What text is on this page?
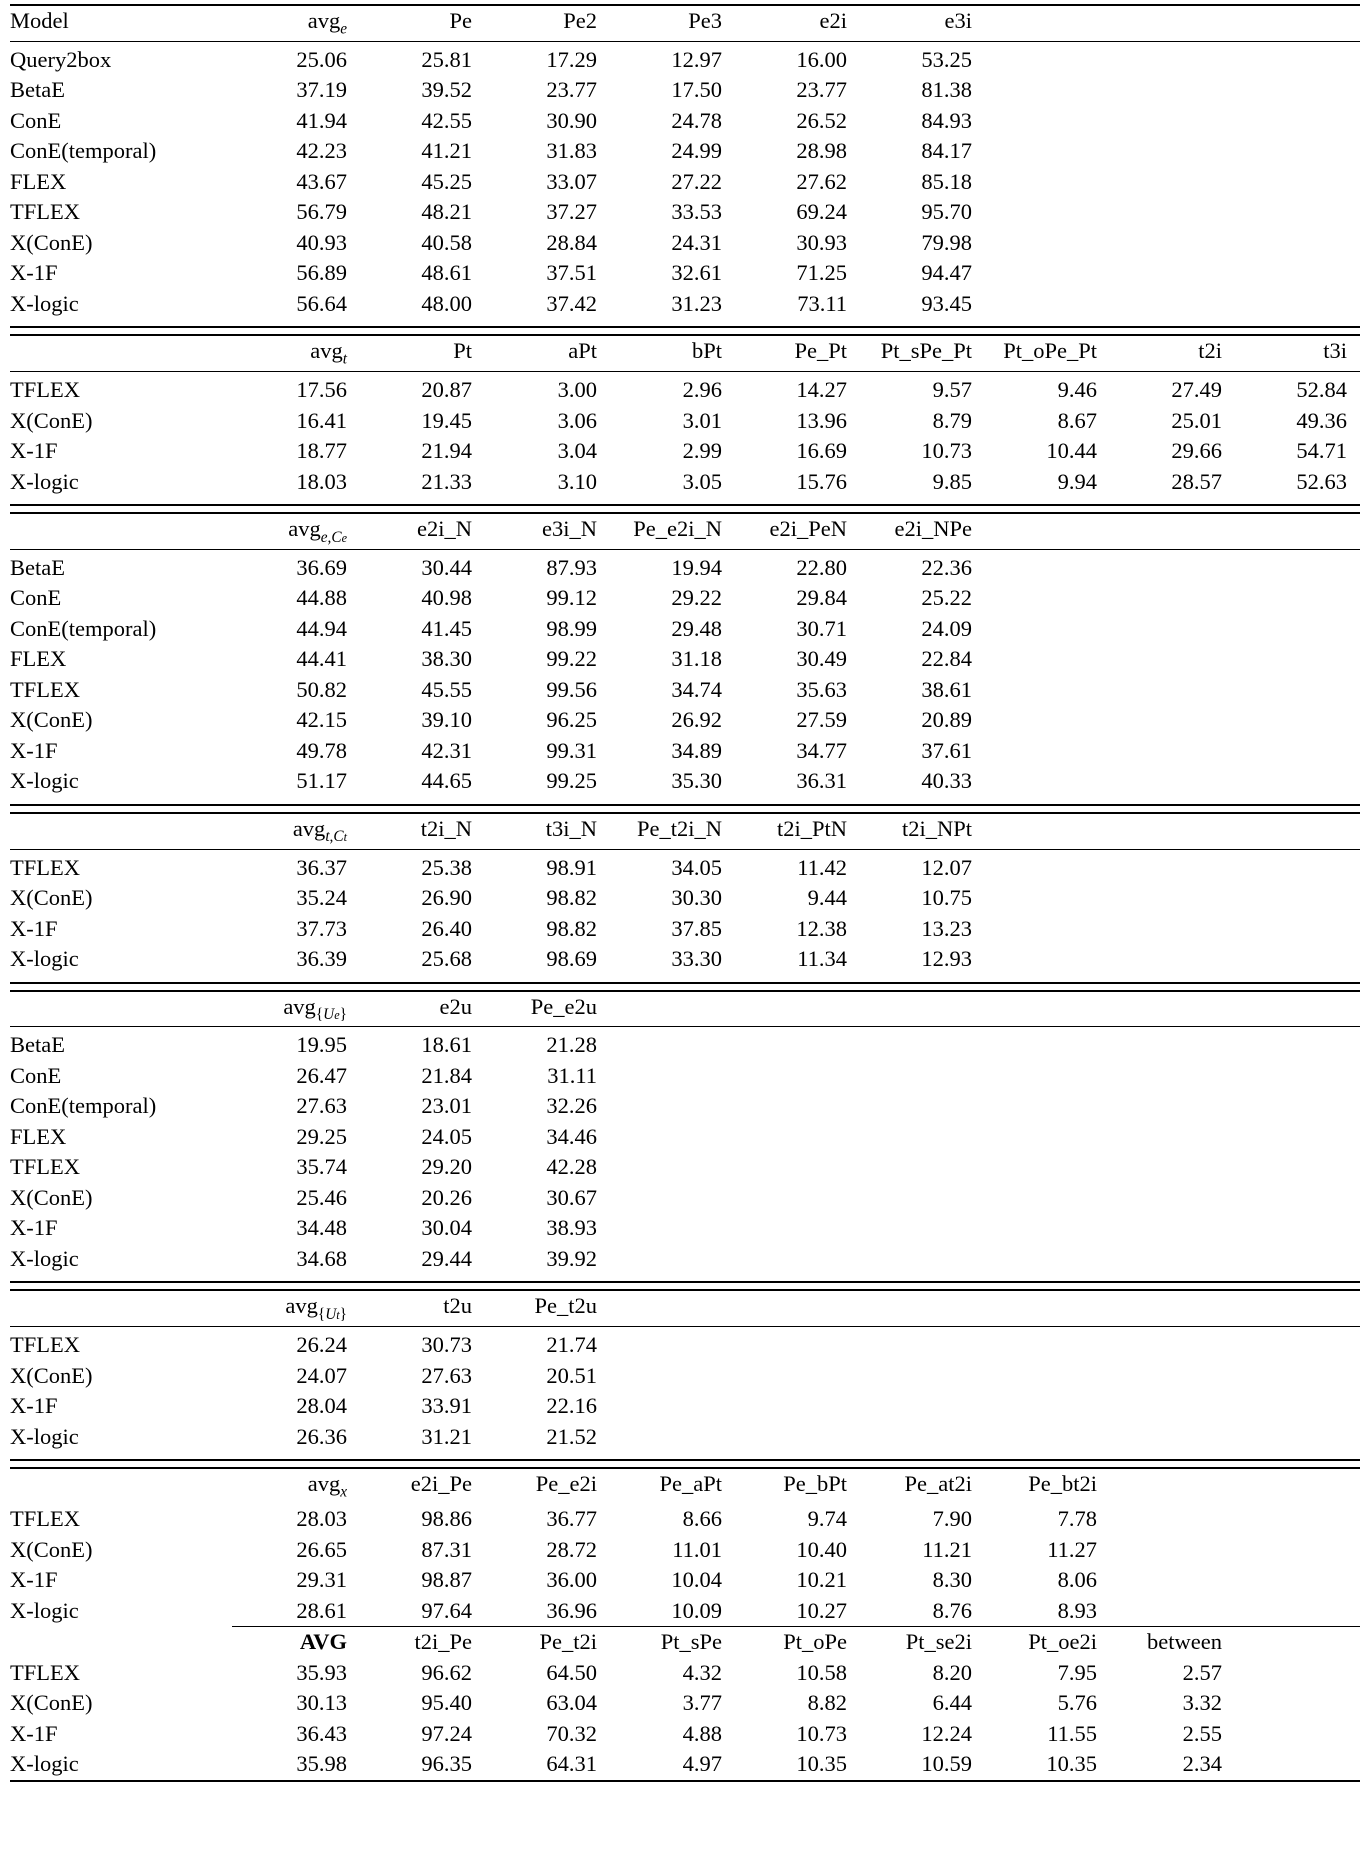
Model	avg$_e$	Pe	Pe2	Pe3	e2i	e3i	
Query2box	25.06	25.81	17.29	12.97	16.00	53.25	
BetaE	37.19	39.52	23.77	17.50	23.77	81.38	
ConE	41.94	42.55	30.90	24.78	26.52	84.93	
ConE(temporal)	42.23	41.21	31.83	24.99	28.98	84.17	
FLEX	43.67	45.25	33.07	27.22	27.62	85.18	
TFLEX	56.79	48.21	37.27	33.53	69.24	95.70	
X(ConE)	40.93	40.58	28.84	24.31	30.93	79.98	
X-1F	56.89	48.61	37.51	32.61	71.25	94.47	
X-logic	56.64	48.00	37.42	31.23	73.11	93.45	
	avg$_t$	Pt	aPt	bPt	Pe_Pt	Pt_sPe_Pt	Pt_oPe_Pt	t2i	t3i	
TFLEX	17.56	20.87	3.00	2.96	14.27	9.57	9.46	27.49	52.84	
X(ConE)	16.41	19.45	3.06	3.01	13.96	8.79	8.67	25.01	49.36	
X-1F	18.77	21.94	3.04	2.99	16.69	10.73	10.44	29.66	54.71	
X-logic	18.03	21.33	3.10	3.05	15.76	9.85	9.94	28.57	52.63	
	avg$_{e,Ce}$	e2i_N	e3i_N	Pe_e2i_N	e2i_PeN	e2i_NPe	
BetaE	36.69	30.44	87.93	19.94	22.80	22.36	
ConE	44.88	40.98	99.12	29.22	29.84	25.22	
ConE(temporal)	44.94	41.45	98.99	29.48	30.71	24.09	
FLEX	44.41	38.30	99.22	31.18	30.49	22.84	
TFLEX	50.82	45.55	99.56	34.74	35.63	38.61	
X(ConE)	42.15	39.10	96.25	26.92	27.59	20.89	
X-1F	49.78	42.31	99.31	34.89	34.77	37.61	
X-logic	51.17	44.65	99.25	35.30	36.31	40.33	
	avg$_{t,Ct}$	t2i_N	t3i_N	Pe_t2i_N	t2i_PtN	t2i_NPt	
TFLEX	36.37	25.38	98.91	34.05	11.42	12.07	
X(ConE)	35.24	26.90	98.82	30.30	9.44	10.75	
X-1F	37.73	26.40	98.82	37.85	12.38	13.23	
X-logic	36.39	25.68	98.69	33.30	11.34	12.93	
	avg$_{\{Ue\}}$	e2u	Pe_e2u	
BetaE	19.95	18.61	21.28	
ConE	26.47	21.84	31.11	
ConE(temporal)	27.63	23.01	32.26	
FLEX	29.25	24.05	34.46	
TFLEX	35.74	29.20	42.28	
X(ConE)	25.46	20.26	30.67	
X-1F	34.48	30.04	38.93	
X-logic	34.68	29.44	39.92	
	avg$_{\{Ut\}}$	t2u	Pe_t2u	
TFLEX	26.24	30.73	21.74	
X(ConE)	24.07	27.63	20.51	
X-1F	28.04	33.91	22.16	
X-logic	26.36	31.21	21.52	
	avg$_x$	e2i_Pe	Pe_e2i	Pe_aPt	Pe_bPt	Pe_at2i	Pe_bt2i	
TFLEX	28.03	98.86	36.77	8.66	9.74	7.90	7.78	
X(ConE)	26.65	87.31	28.72	11.01	10.40	11.21	11.27	
X-1F	29.31	98.87	36.00	10.04	10.21	8.30	8.06	
X-logic	28.61	97.64	36.96	10.09	10.27	8.76	8.93	
	AVG	t2i_Pe	Pe_t2i	Pt_sPe	Pt_oPe	Pt_se2i	Pt_oe2i	between	
TFLEX	35.93	96.62	64.50	4.32	10.58	8.20	7.95	2.57	
X(ConE)	30.13	95.40	63.04	3.77	8.82	6.44	5.76	3.32	
X-1F	36.43	97.24	70.32	4.88	10.73	12.24	11.55	2.55	
X-logic	35.98	96.35	64.31	4.97	10.35	10.59	10.35	2.34	
